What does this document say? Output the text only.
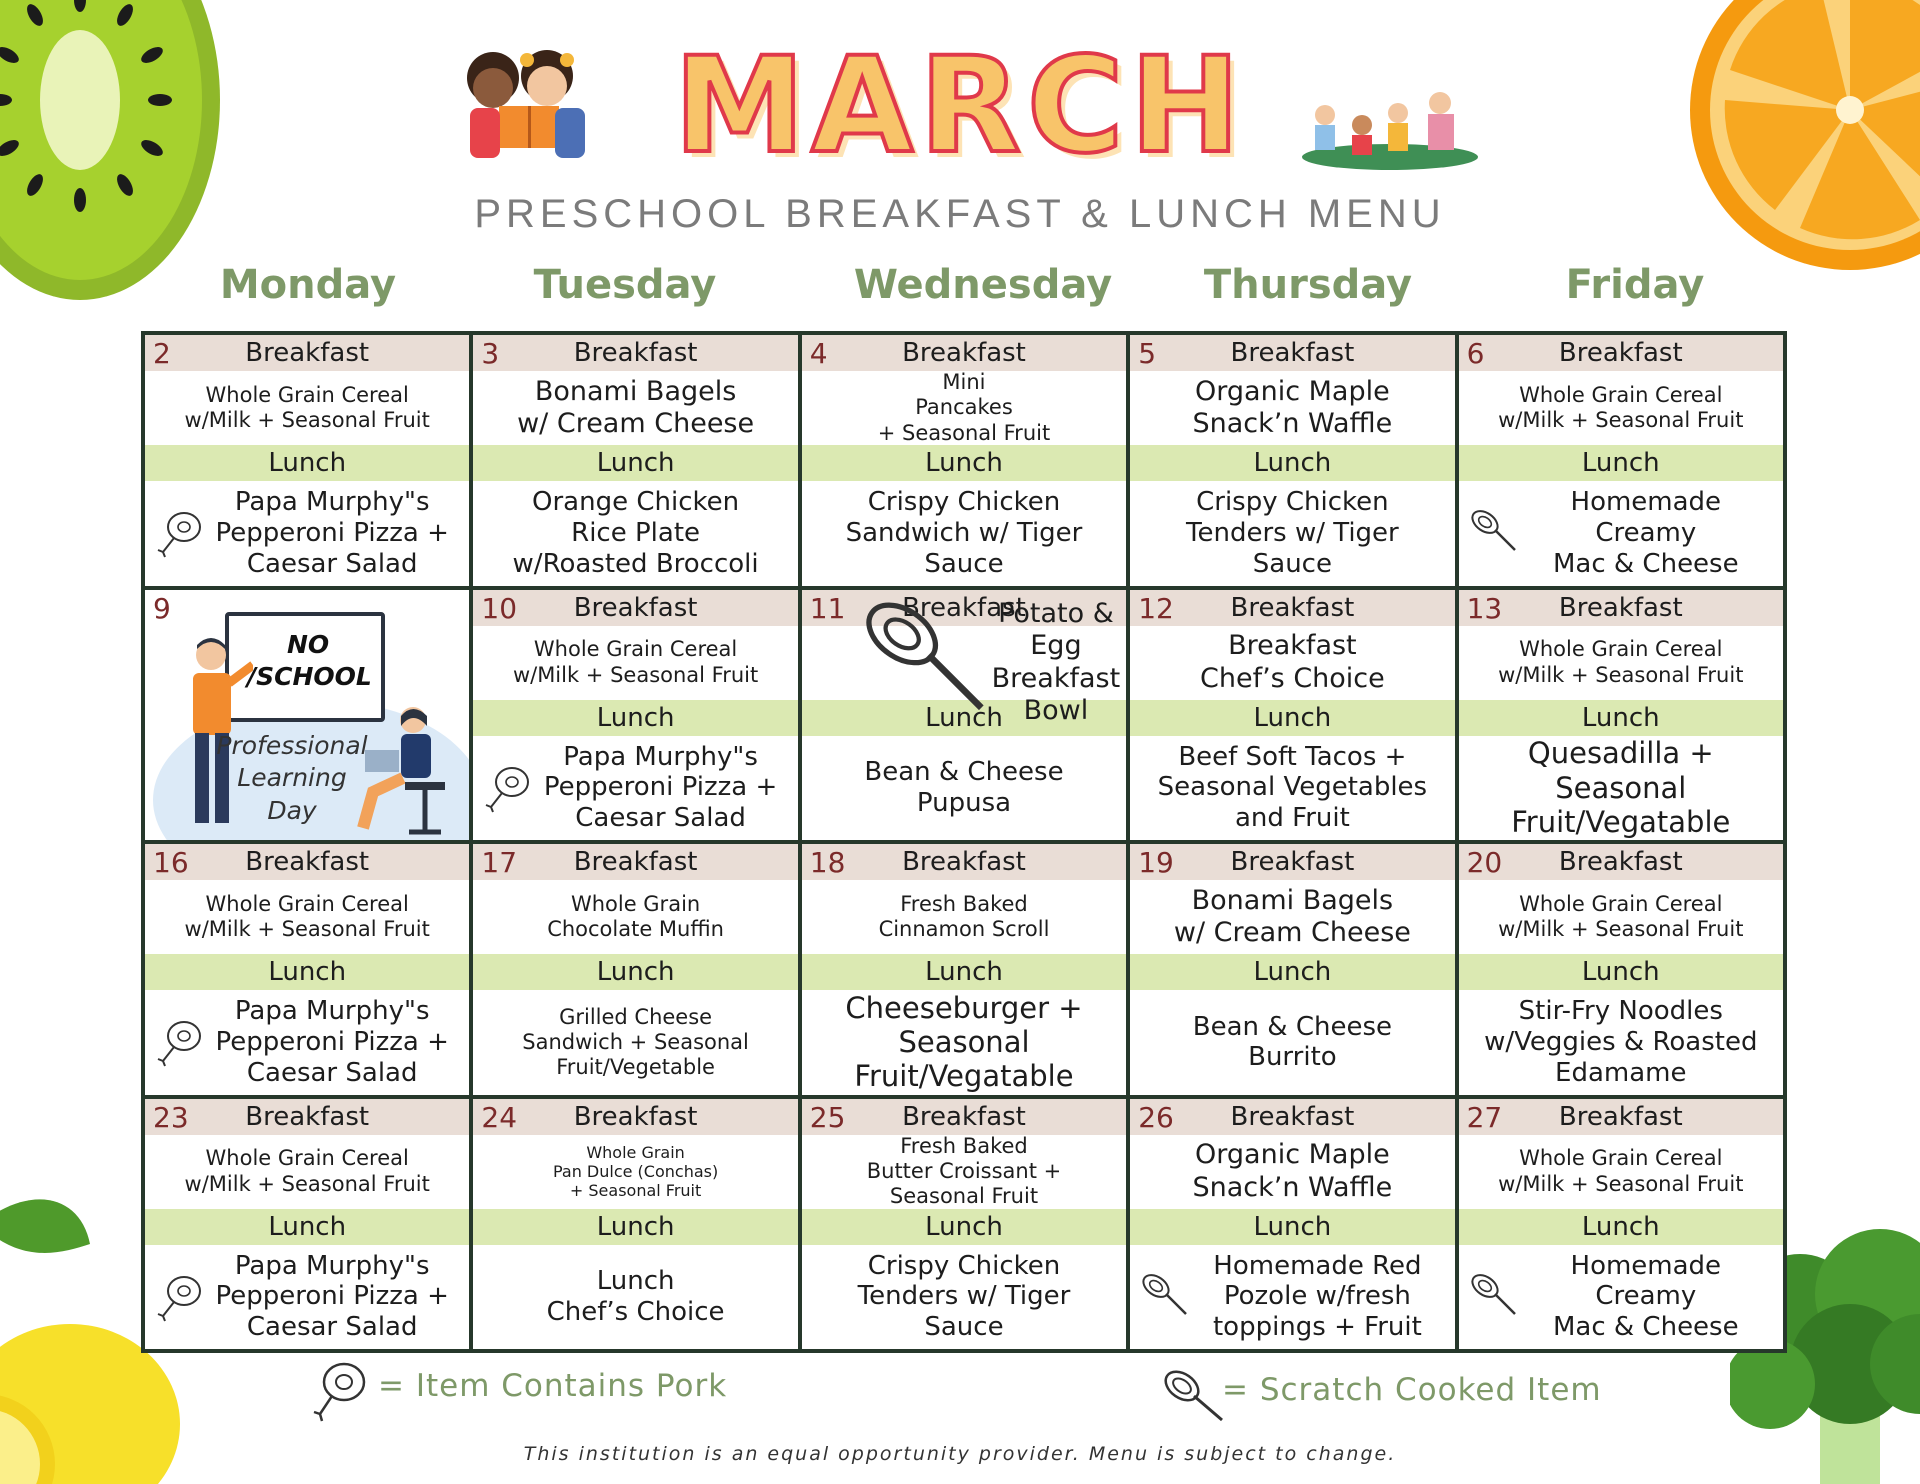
MARCH
PRESCHOOL BREAKFAST & LUNCH MENU
Monday	Tuesday	Wednesday	Thursday	Friday
2	Breakfast
Whole Grain Cereal
w/Milk + Seasonal Fruit
Lunch
Papa Murphy"s
Pepperoni Pizza +
Caesar Salad
3	Breakfast
Bonami Bagels
w/ Cream Cheese
Lunch
Orange Chicken
Rice Plate
w/Roasted Broccoli
4	Breakfast
Mini
Pancakes
+ Seasonal Fruit
Lunch
Crispy Chicken
Sandwich w/ Tiger Sauce
5	Breakfast
Organic Maple
Snack’n Waffle
Lunch
Crispy Chicken
Tenders w/ Tiger
Sauce
6	Breakfast
Whole Grain Cereal
w/Milk + Seasonal Fruit
Lunch
Homemade Creamy
Mac & Cheese
9
NO
/SCHOOL
Professional
Learning
Day
10 Breakfast
Whole Grain Cereal
w/Milk + Seasonal Fruit
Lunch
Papa Murphy"s
Pepperoni Pizza +
Caesar Salad
11 Breakfast
Potato & Egg
Breakfast Bowl
Lunch
Bean & Cheese
Pupusa
12 Breakfast
Breakfast
Chef’s Choice
Lunch
Beef Soft Tacos +
Seasonal Vegetables
and Fruit
13 Breakfast
Whole Grain Cereal
w/Milk + Seasonal Fruit
Lunch
Quesadilla + Seasonal
Fruit/Vegatable
16 Breakfast
Whole Grain Cereal
w/Milk + Seasonal Fruit
Lunch
Papa Murphy"s
Pepperoni Pizza +
Caesar Salad
17 Breakfast
Whole Grain
Chocolate Muffin
Lunch
Grilled Cheese
Sandwich + Seasonal
Fruit/Vegetable
18 Breakfast
Fresh Baked
Cinnamon Scroll
Lunch
Cheeseburger +
Seasonal
Fruit/Vegatable
19 Breakfast
Bonami Bagels
w/ Cream Cheese
Lunch
Bean & Cheese
Burrito
20 Breakfast
Whole Grain Cereal
w/Milk + Seasonal Fruit
Lunch
Stir-Fry Noodles
w/Veggies & Roasted
Edamame
23 Breakfast
Whole Grain Cereal
w/Milk + Seasonal Fruit
Lunch
Papa Murphy"s
Pepperoni Pizza +
Caesar Salad
24 Breakfast
Whole Grain
Pan Dulce (Conchas)
+ Seasonal Fruit
Lunch
Lunch
Chef’s Choice
25 Breakfast
Fresh Baked
Butter Croissant +
Seasonal Fruit
Lunch
Crispy Chicken
Tenders w/ Tiger
Sauce
26 Breakfast
Organic Maple
Snack’n Waffle
Lunch
Homemade Red
Pozole w/fresh
toppings + Fruit
27 Breakfast
Whole Grain Cereal
w/Milk + Seasonal Fruit
Lunch
Homemade Creamy
Mac & Cheese
= Item Contains Pork	= Scratch Cooked Item
This institution is an equal opportunity provider. Menu is subject to change.
